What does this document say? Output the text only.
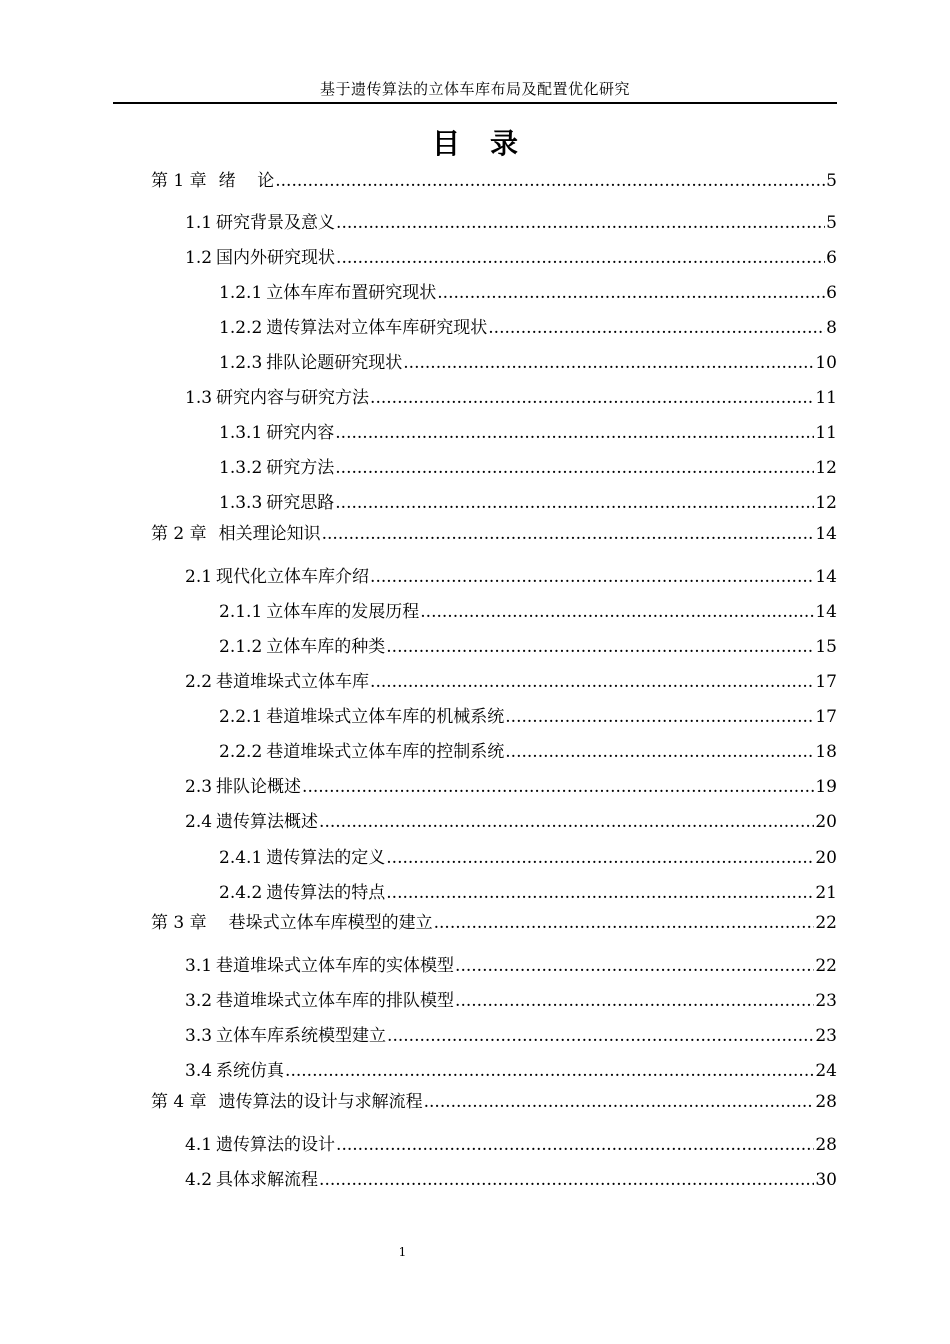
基于遗传算法的立体车库布局及配置优化研究
目录
第 1 章 绪    论 .....	5
1.1 研究背景及意义 .....	5
1.2 国内外研究现状 .....	6
1.2.1 立体车库布置研究现状 .....	6
1.2.2 遗传算法对立体车库研究现状 .....	8
1.2.3 排队论题研究现状 .....	10
1.3 研究内容与研究方法 .....	11
1.3.1 研究内容 .....	11
1.3.2 研究方法 .....	12
1.3.3 研究思路 .....	12
第 2 章 相关理论知识 .....	14
2.1 现代化立体车库介绍 .....	14
2.1.1 立体车库的发展历程 .....	14
2.1.2 立体车库的种类 .....	15
2.2 巷道堆垛式立体车库 .....	17
2.2.1 巷道堆垛式立体车库的机械系统 .....	17
2.2.2 巷道堆垛式立体车库的控制系统 .....	18
2.3 排队论概述 .....	19
2.4 遗传算法概述 .....	20
2.4.1 遗传算法的定义 .....	20
2.4.2 遗传算法的特点 .....	21
第 3 章 巷垛式立体车库模型的建立 .....	22
3.1 巷道堆垛式立体车库的实体模型 .....	22
3.2 巷道堆垛式立体车库的排队模型 .....	23
3.3 立体车库系统模型建立 .....	23
3.4 系统仿真 .....	24
第 4 章 遗传算法的设计与求解流程 .....	28
4.1 遗传算法的设计 .....	28
4.2 具体求解流程 .....	30
1
